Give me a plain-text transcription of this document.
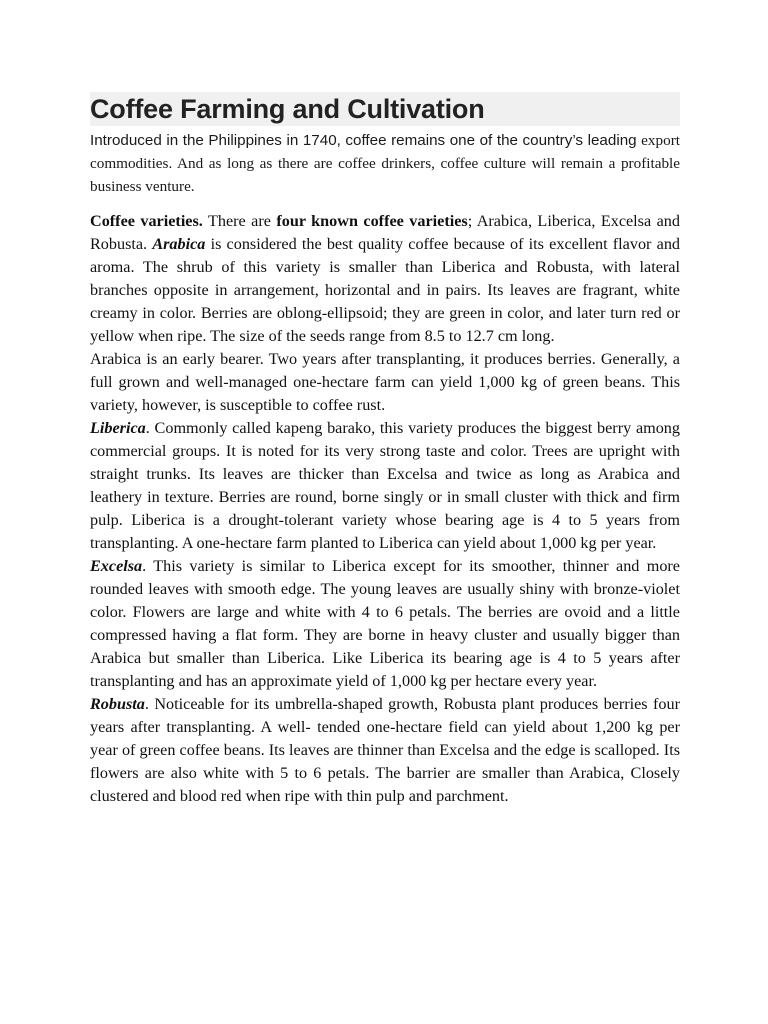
Coffee Farming and Cultivation

Introduced in the Philippines in 1740, coffee remains one of the country’s leading export commodities. And as long as there are coffee drinkers, coffee culture will remain a profitable business venture.

Coffee varieties. There are four known coffee varieties; Arabica, Liberica, Excelsa and Robusta. Arabica is considered the best quality coffee because of its excellent flavor and aroma. The shrub of this variety is smaller than Liberica and Robusta, with lateral branches opposite in arrangement, horizontal and in pairs. Its leaves are fragrant, white creamy in color. Berries are oblong-ellipsoid; they are green in color, and later turn red or yellow when ripe. The size of the seeds range from 8.5 to 12.7 cm long.

Arabica is an early bearer. Two years after transplanting, it produces berries. Generally, a full grown and well-managed one-hectare farm can yield 1,000 kg of green beans. This variety, however, is susceptible to coffee rust.

Liberica. Commonly called kapeng barako, this variety produces the biggest berry among commercial groups. It is noted for its very strong taste and color. Trees are upright with straight trunks. Its leaves are thicker than Excelsa and twice as long as Arabica and leathery in texture. Berries are round, borne singly or in small cluster with thick and firm pulp. Liberica is a drought-tolerant variety whose bearing age is 4 to 5 years from transplanting. A one-hectare farm planted to Liberica can yield about 1,000 kg per year.

Excelsa. This variety is similar to Liberica except for its smoother, thinner and more rounded leaves with smooth edge. The young leaves are usually shiny with bronze-violet color. Flowers are large and white with 4 to 6 petals. The berries are ovoid and a little compressed having a flat form. They are borne in heavy cluster and usually bigger than Arabica but smaller than Liberica. Like Liberica its bearing age is 4 to 5 years after transplanting and has an approximate yield of 1,000 kg per hectare every year.

Robusta. Noticeable for its umbrella-shaped growth, Robusta plant produces berries four years after transplanting. A well- tended one-hectare field can yield about 1,200 kg per year of green coffee beans. Its leaves are thinner than Excelsa and the edge is scalloped. Its flowers are also white with 5 to 6 petals. The barrier are smaller than Arabica, Closely clustered and blood red when ripe with thin pulp and parchment.
